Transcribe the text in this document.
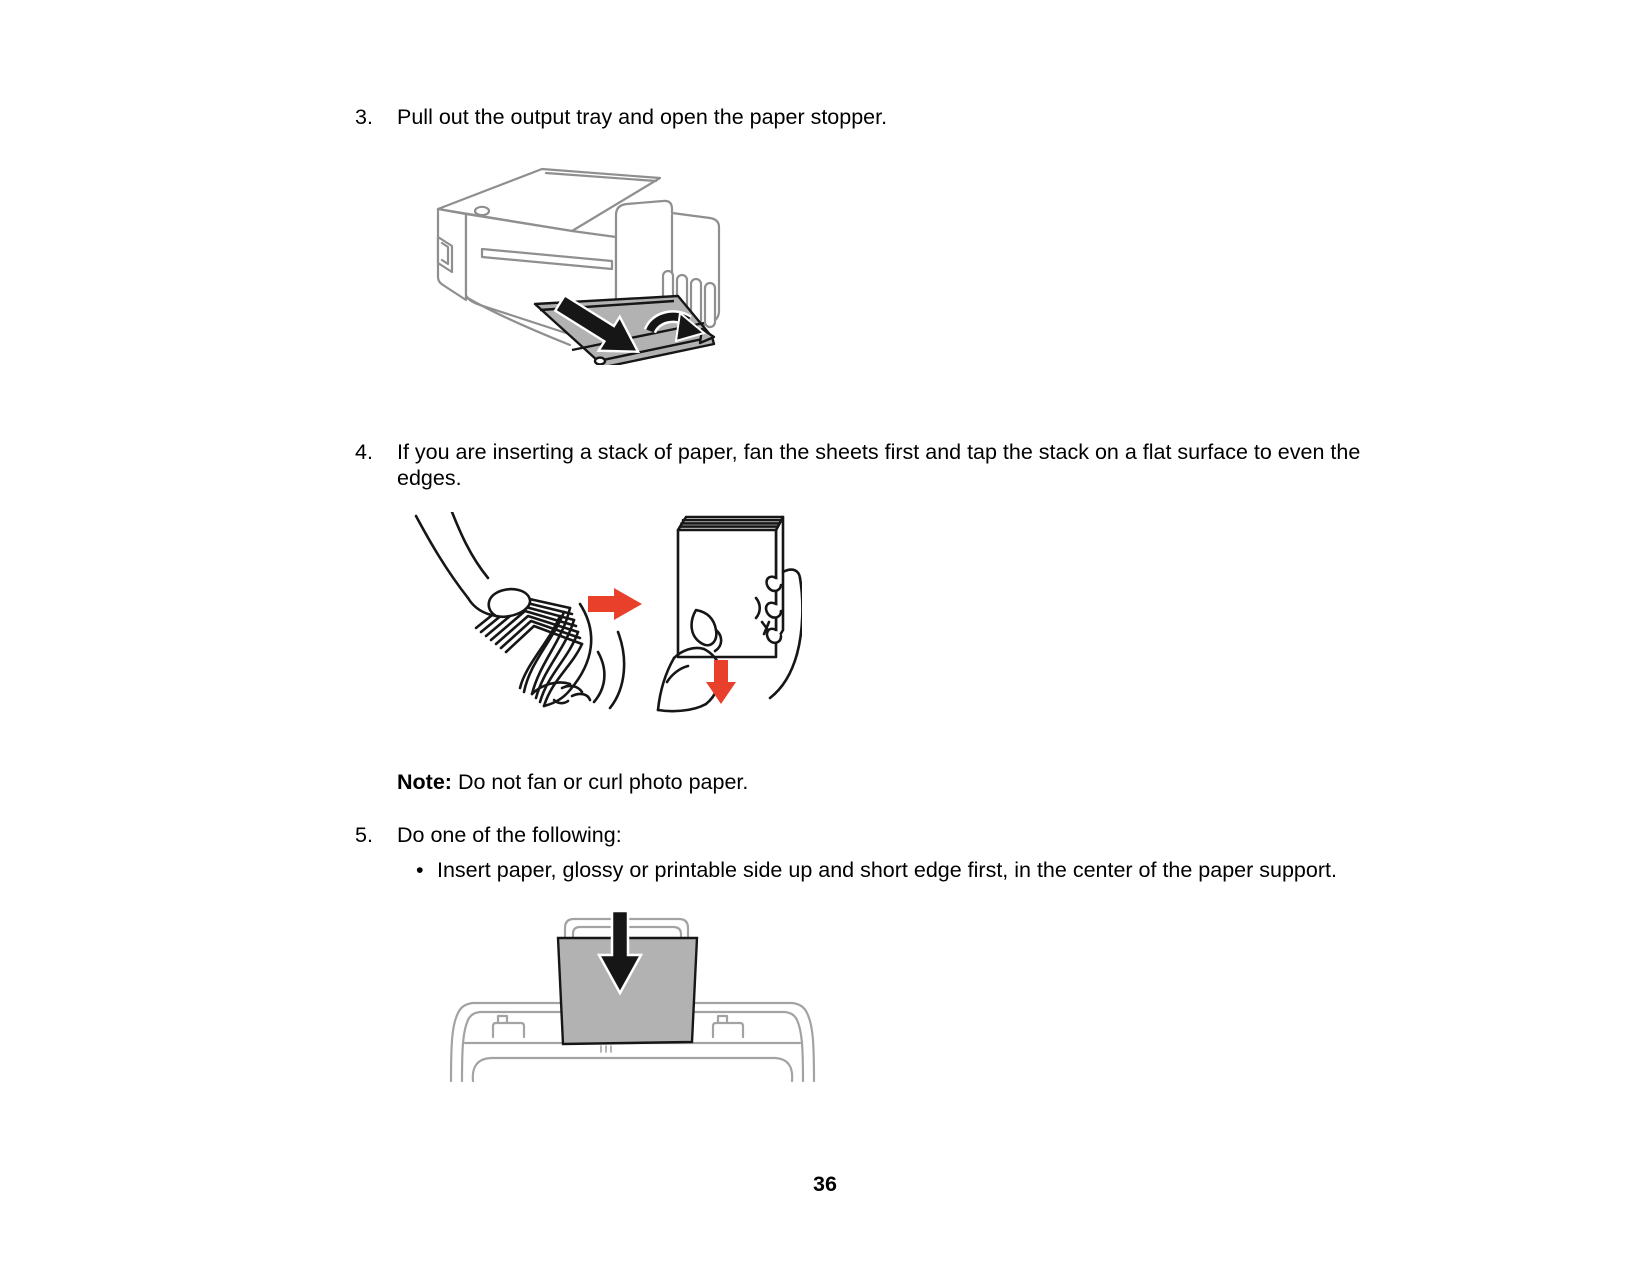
3.	Pull out the output tray and open the paper stopper.
4.	If you are inserting a stack of paper, fan the sheets first and tap the stack on a flat surface to even the edges.
Note: Do not fan or curl photo paper.
5.	Do one of the following:
• Insert paper, glossy or printable side up and short edge first, in the center of the paper support.
36
